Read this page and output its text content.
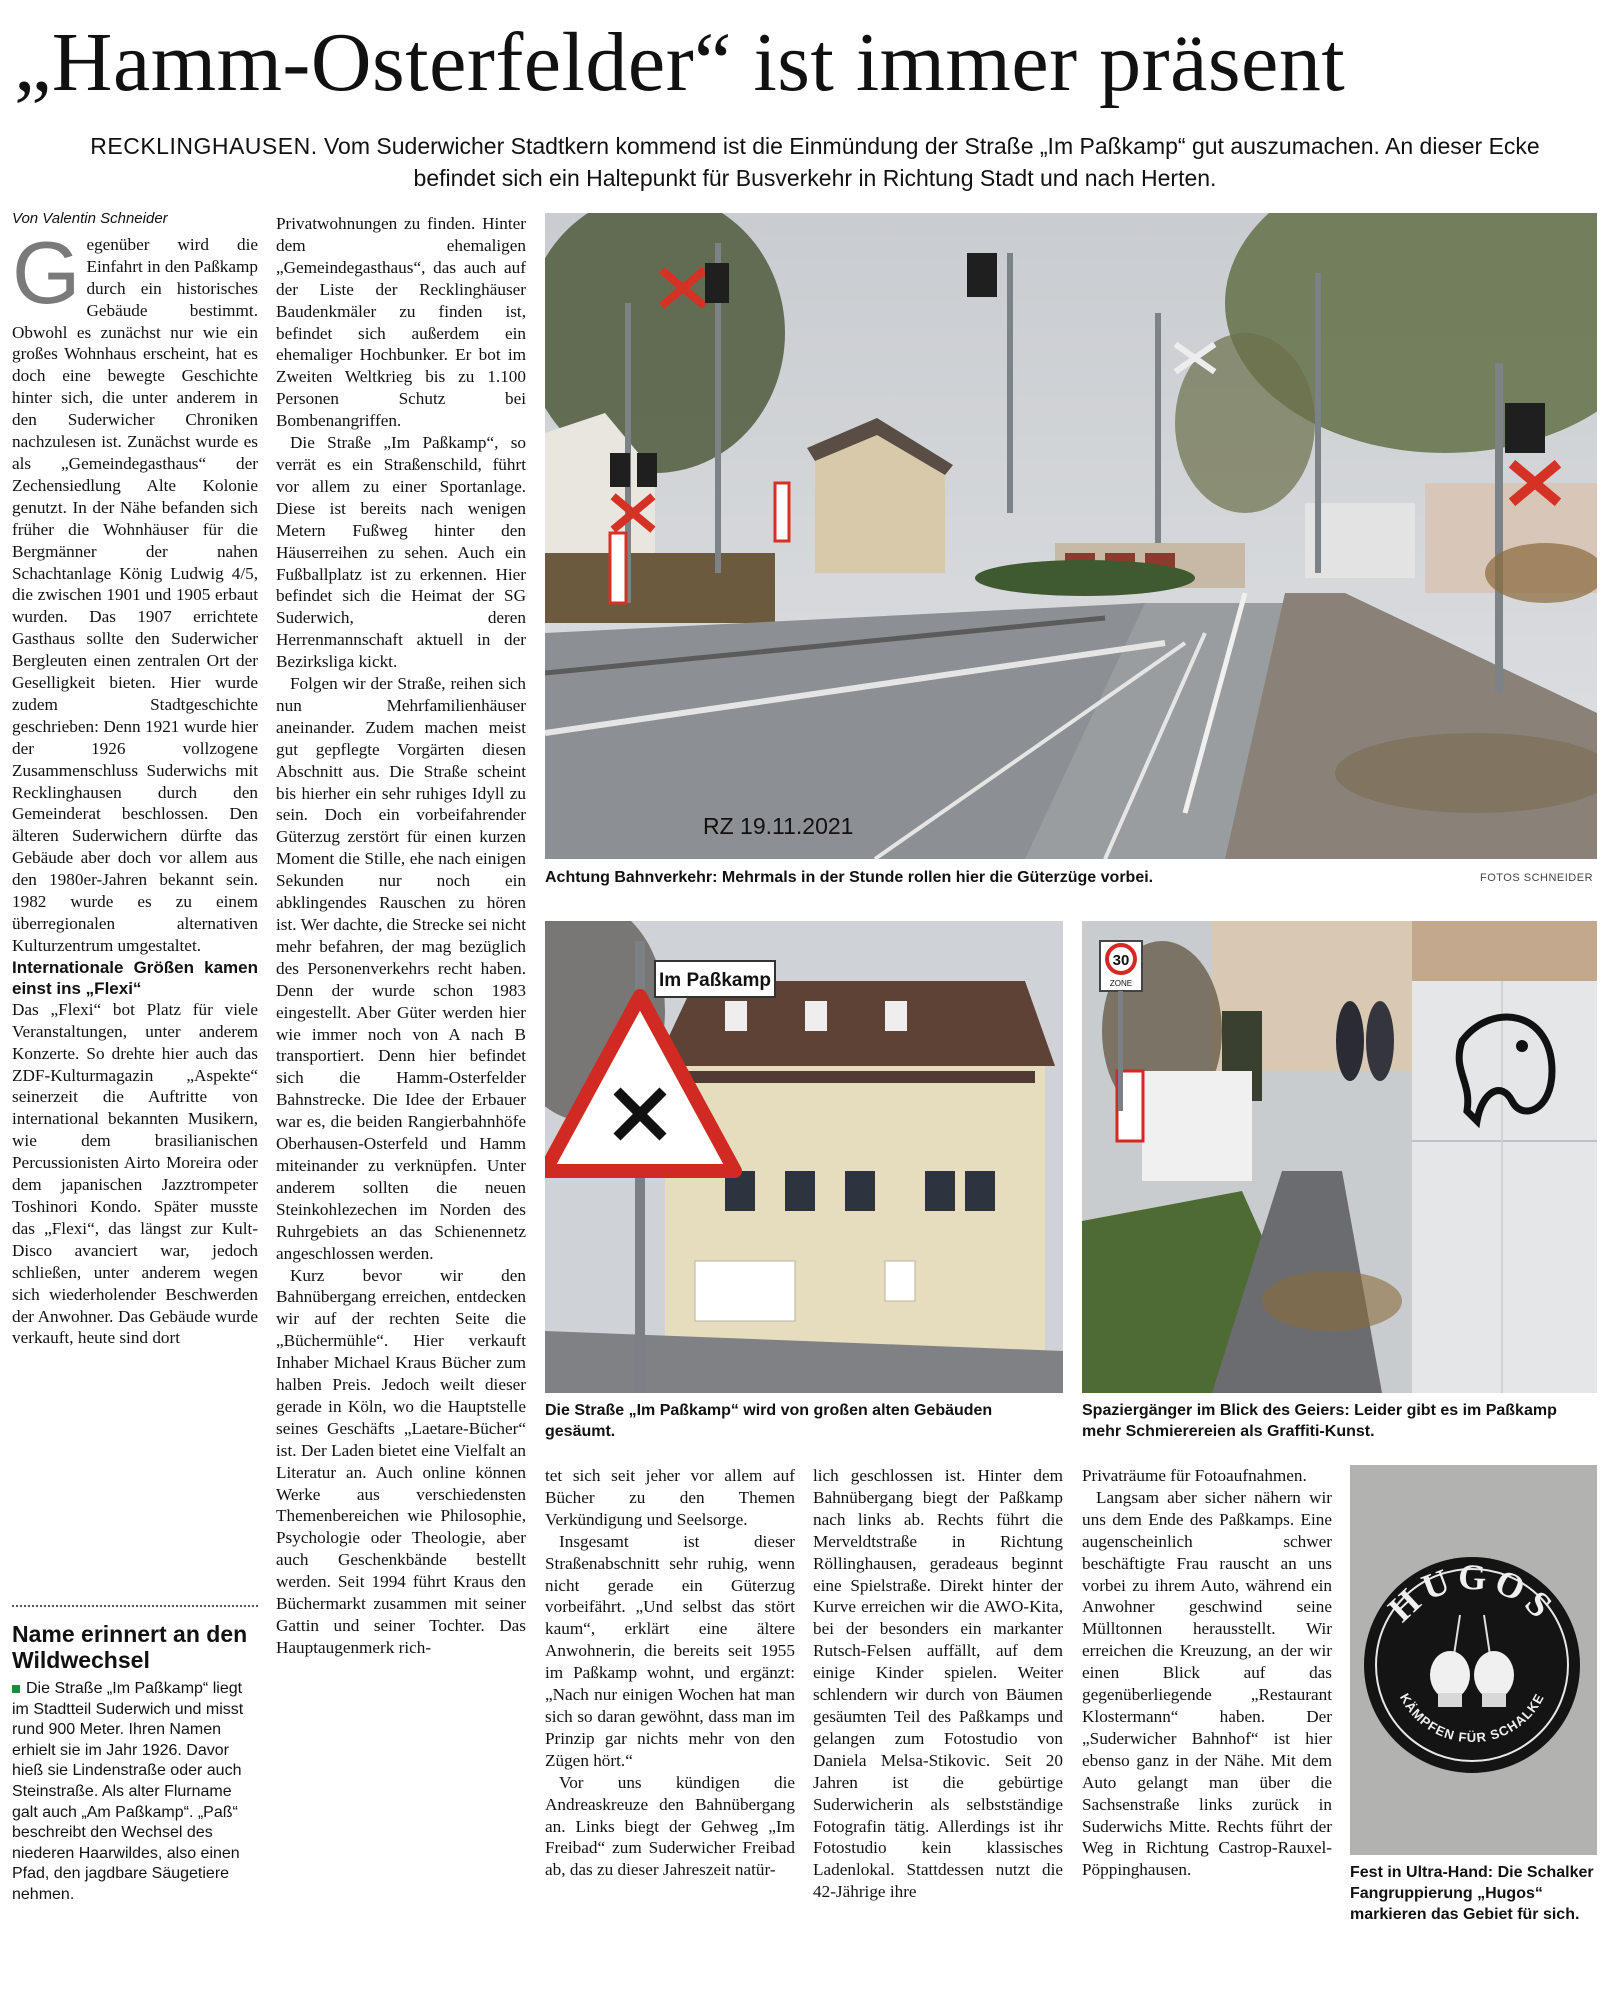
„Hamm-Osterfelder“ ist immer präsent
RECKLINGHAUSEN. Vom Suderwicher Stadtkern kommend ist die Einmündung der Straße „Im Paßkamp“ gut auszumachen. An dieser Ecke befindet sich ein Haltepunkt für Busverkehr in Richtung Stadt und nach Herten.
Von Valentin Schneider

Gegenüber wird die Einfahrt in den Paßkamp durch ein historisches Gebäude bestimmt. Obwohl es zunächst nur wie ein großes Wohnhaus erscheint, hat es doch eine bewegte Geschichte hinter sich, die unter anderem in den Suderwicher Chroniken nachzulesen ist. Zunächst wurde es als „Gemeindegasthaus“ der Zechensiedlung Alte Kolonie genutzt. In der Nähe befanden sich früher die Wohnhäuser für die Bergmänner der nahen Schachtanlage König Ludwig 4/5, die zwischen 1901 und 1905 erbaut wurden. Das 1907 errichtete Gasthaus sollte den Suderwicher Bergleuten einen zentralen Ort der Geselligkeit bieten. Hier wurde zudem Stadtgeschichte geschrieben: Denn 1921 wurde hier der 1926 vollzogene Zusammenschluss Suderwichs mit Recklinghausen durch den Gemeinderat beschlossen. Den älteren Suderwichern dürfte das Gebäude aber doch vor allem aus den 1980er-Jahren bekannt sein. 1982 wurde es zu einem überregionalen alternativen Kulturzentrum umgestaltet.

Internationale Größen kamen einst ins „Flexi“

Das „Flexi“ bot Platz für viele Veranstaltungen, unter anderem Konzerte. So drehte hier auch das ZDF-Kulturmagazin „Aspekte“ seinerzeit die Auftritte von international bekannten Musikern, wie dem brasilianischen Percussionisten Airto Moreira oder dem japanischen Jazztrompeter Toshinori Kondo. Später musste das „Flexi“, das längst zur Kult-Disco avanciert war, jedoch schließen, unter anderem wegen sich wiederholender Beschwerden der Anwohner. Das Gebäude wurde verkauft, heute sind dort

Name erinnert an den Wildwechsel
Die Straße „Im Paßkamp“ liegt im Stadtteil Suderwich und misst rund 900 Meter. Ihren Namen erhielt sie im Jahr 1926. Davor hieß sie Lindenstraße oder auch Steinstraße. Als alter Flurname galt auch „Am Paßkamp“. „Paß“ beschreibt den Wechsel des niederen Haarwildes, also einen Pfad, den jagdbare Säugetiere nehmen.

Privatwohnungen zu finden. Hinter dem ehemaligen „Gemeindegasthaus“, das auch auf der Liste der Recklinghäuser Baudenkmäler zu finden ist, befindet sich außerdem ein ehemaliger Hochbunker. Er bot im Zweiten Weltkrieg bis zu 1.100 Personen Schutz bei Bombenangriffen.

Die Straße „Im Paßkamp“, so verrät es ein Straßenschild, führt vor allem zu einer Sportanlage. Diese ist bereits nach wenigen Metern Fußweg hinter den Häuserreihen zu sehen. Auch ein Fußballplatz ist zu erkennen. Hier befindet sich die Heimat der SG Suderwich, deren Herrenmannschaft aktuell in der Bezirksliga kickt.

Folgen wir der Straße, reihen sich nun Mehrfamilienhäuser aneinander. Zudem machen meist gut gepflegte Vorgärten diesen Abschnitt aus. Die Straße scheint bis hierher ein sehr ruhiges Idyll zu sein. Doch ein vorbeifahrender Güterzug zerstört für einen kurzen Moment die Stille, ehe nach einigen Sekunden nur noch ein abklingendes Rauschen zu hören ist. Wer dachte, die Strecke sei nicht mehr befahren, der mag bezüglich des Personenverkehrs recht haben. Denn der wurde schon 1983 eingestellt. Aber Güter werden hier wie immer noch von A nach B transportiert. Denn hier befindet sich die Hamm-Osterfelder Bahnstrecke. Die Idee der Erbauer war es, die beiden Rangierbahnhöfe Oberhausen-Osterfeld und Hamm miteinander zu verknüpfen. Unter anderem sollten die neuen Steinkohlezechen im Norden des Ruhrgebiets an das Schienennetz angeschlossen werden.

Kurz bevor wir den Bahnübergang erreichen, entdecken wir auf der rechten Seite die „Büchermühle“. Hier verkauft Inhaber Michael Kraus Bücher zum halben Preis. Jedoch weilt dieser gerade in Köln, wo die Hauptstelle seines Geschäfts „Laetare-Bücher“ ist. Der Laden bietet eine Vielfalt an Literatur an. Auch online können Werke aus verschiedensten Themenbereichen wie Philosophie, Psychologie oder Theologie, aber auch Geschenkbände bestellt werden. Seit 1994 führt Kraus den Büchermarkt zusammen mit seiner Gattin und seiner Tochter. Das Hauptaugenmerk rich-

RZ 19.11.2021
Achtung Bahnverkehr: Mehrmals in der Stunde rollen hier die Güterzüge vorbei.	FOTOS SCHNEIDER
Im Paßkamp
Die Straße „Im Paßkamp“ wird von großen alten Gebäuden gesäumt.
30
ZONE
Spaziergänger im Blick des Geiers: Leider gibt es im Paßkamp mehr Schmierereien als Graffiti-Kunst.

tet sich seit jeher vor allem auf Bücher zu den Themen Verkündigung und Seelsorge.

Insgesamt ist dieser Straßenabschnitt sehr ruhig, wenn nicht gerade ein Güterzug vorbeifährt. „Und selbst das stört kaum“, erklärt eine ältere Anwohnerin, die bereits seit 1955 im Paßkamp wohnt, und ergänzt: „Nach nur einigen Wochen hat man sich so daran gewöhnt, dass man im Prinzip gar nichts mehr von den Zügen hört.“

Vor uns kündigen die Andreaskreuze den Bahnübergang an. Links biegt der Gehweg „Im Freibad“ zum Suderwicher Freibad ab, das zu dieser Jahreszeit natür-

lich geschlossen ist. Hinter dem Bahnübergang biegt der Paßkamp nach links ab. Rechts führt die Merveldtstraße in Richtung Röllinghausen, geradeaus beginnt eine Spielstraße. Direkt hinter der Kurve erreichen wir die AWO-Kita, bei der besonders ein markanter Rutsch-Felsen auffällt, auf dem einige Kinder spielen. Weiter schlendern wir durch von Bäumen gesäumten Teil des Paßkamps und gelangen zum Fotostudio von Daniela Melsa-Stikovic. Seit 20 Jahren ist die gebürtige Suderwicherin als selbstständige Fotografin tätig. Allerdings ist ihr Fotostudio kein klassisches Ladenlokal. Stattdessen nutzt die 42-Jährige ihre

Privaträume für Fotoaufnahmen.

Langsam aber sicher nähern wir uns dem Ende des Paßkamps. Eine augenscheinlich schwer beschäftigte Frau rauscht an uns vorbei zu ihrem Auto, während ein Anwohner geschwind seine Mülltonnen herausstellt. Wir erreichen die Kreuzung, an der wir einen Blick auf das gegenüberliegende „Restaurant Klostermann“ haben. Der „Suderwicher Bahnhof“ ist hier ebenso ganz in der Nähe. Mit dem Auto gelangt man über die Sachsenstraße links zurück in Suderwichs Mitte. Rechts führt der Weg in Richtung Castrop-Rauxel-Pöppinghausen.

HUGOS
KÄMPFEN FÜR SCHALKE
Fest in Ultra-Hand: Die Schalker Fangruppierung „Hugos“ markieren das Gebiet für sich.
